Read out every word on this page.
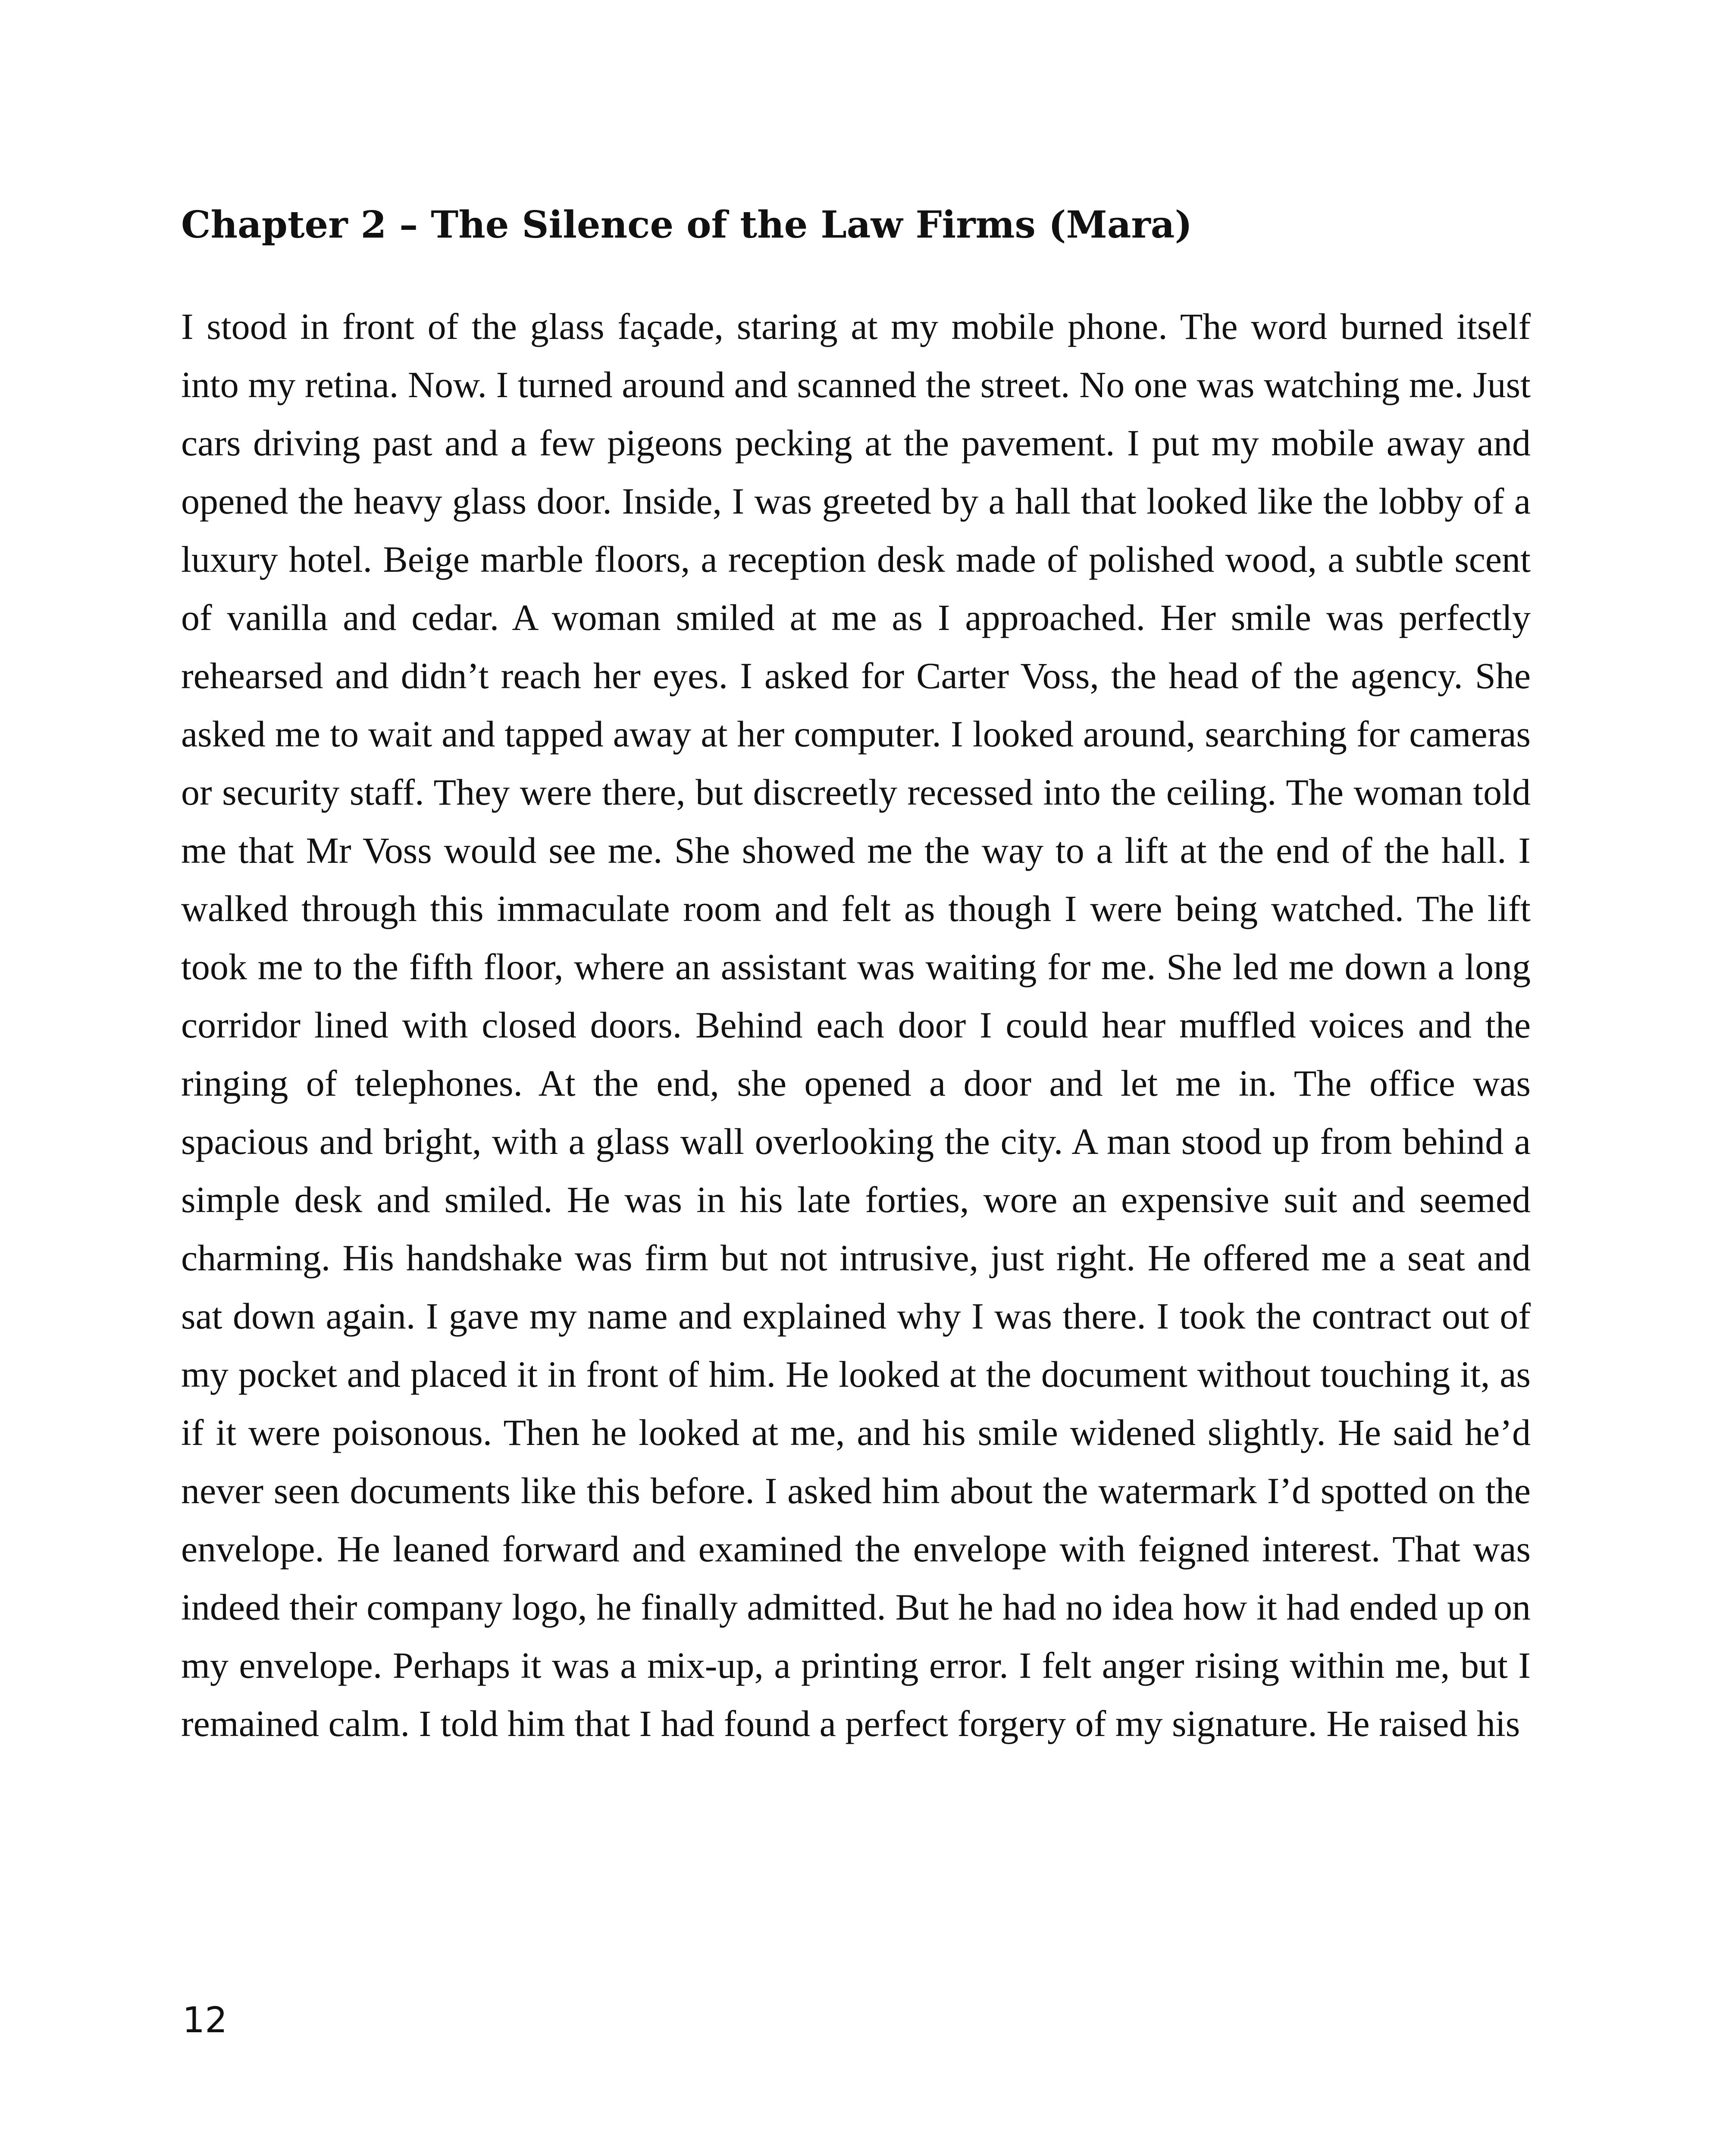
Chapter 2 – The Silence of the Law Firms (Mara)

I stood in front of the glass façade, staring at my mobile phone. The word burned itself into my retina. Now. I turned around and scanned the street. No one was watching me. Just cars driving past and a few pigeons pecking at the pavement. I put my mobile away and opened the heavy glass door. Inside, I was greeted by a hall that looked like the lobby of a luxury hotel. Beige marble floors, a reception desk made of polished wood, a subtle scent of vanilla and cedar. A woman smiled at me as I approached. Her smile was perfectly rehearsed and didn’t reach her eyes. I asked for Carter Voss, the head of the agency. She asked me to wait and tapped away at her computer. I looked around, searching for cameras or security staff. They were there, but discreetly recessed into the ceiling. The woman told me that Mr Voss would see me. She showed me the way to a lift at the end of the hall. I walked through this immaculate room and felt as though I were being watched. The lift took me to the fifth floor, where an assistant was waiting for me. She led me down a long corridor lined with closed doors. Behind each door I could hear muffled voices and the ringing of telephones. At the end, she opened a door and let me in. The office was spacious and bright, with a glass wall overlooking the city. A man stood up from behind a simple desk and smiled. He was in his late forties, wore an expensive suit and seemed charming. His handshake was firm but not intrusive, just right. He offered me a seat and sat down again. I gave my name and explained why I was there. I took the contract out of my pocket and placed it in front of him. He looked at the document without touching it, as if it were poisonous. Then he looked at me, and his smile widened slightly. He said he’d never seen documents like this before. I asked him about the watermark I’d spotted on the envelope. He leaned forward and examined the envelope with feigned interest. That was indeed their company logo, he finally admitted. But he had no idea how it had ended up on my envelope. Perhaps it was a mix-up, a printing error. I felt anger rising within me, but I remained calm. I told him that I had found a perfect forgery of my signature. He raised his

12
